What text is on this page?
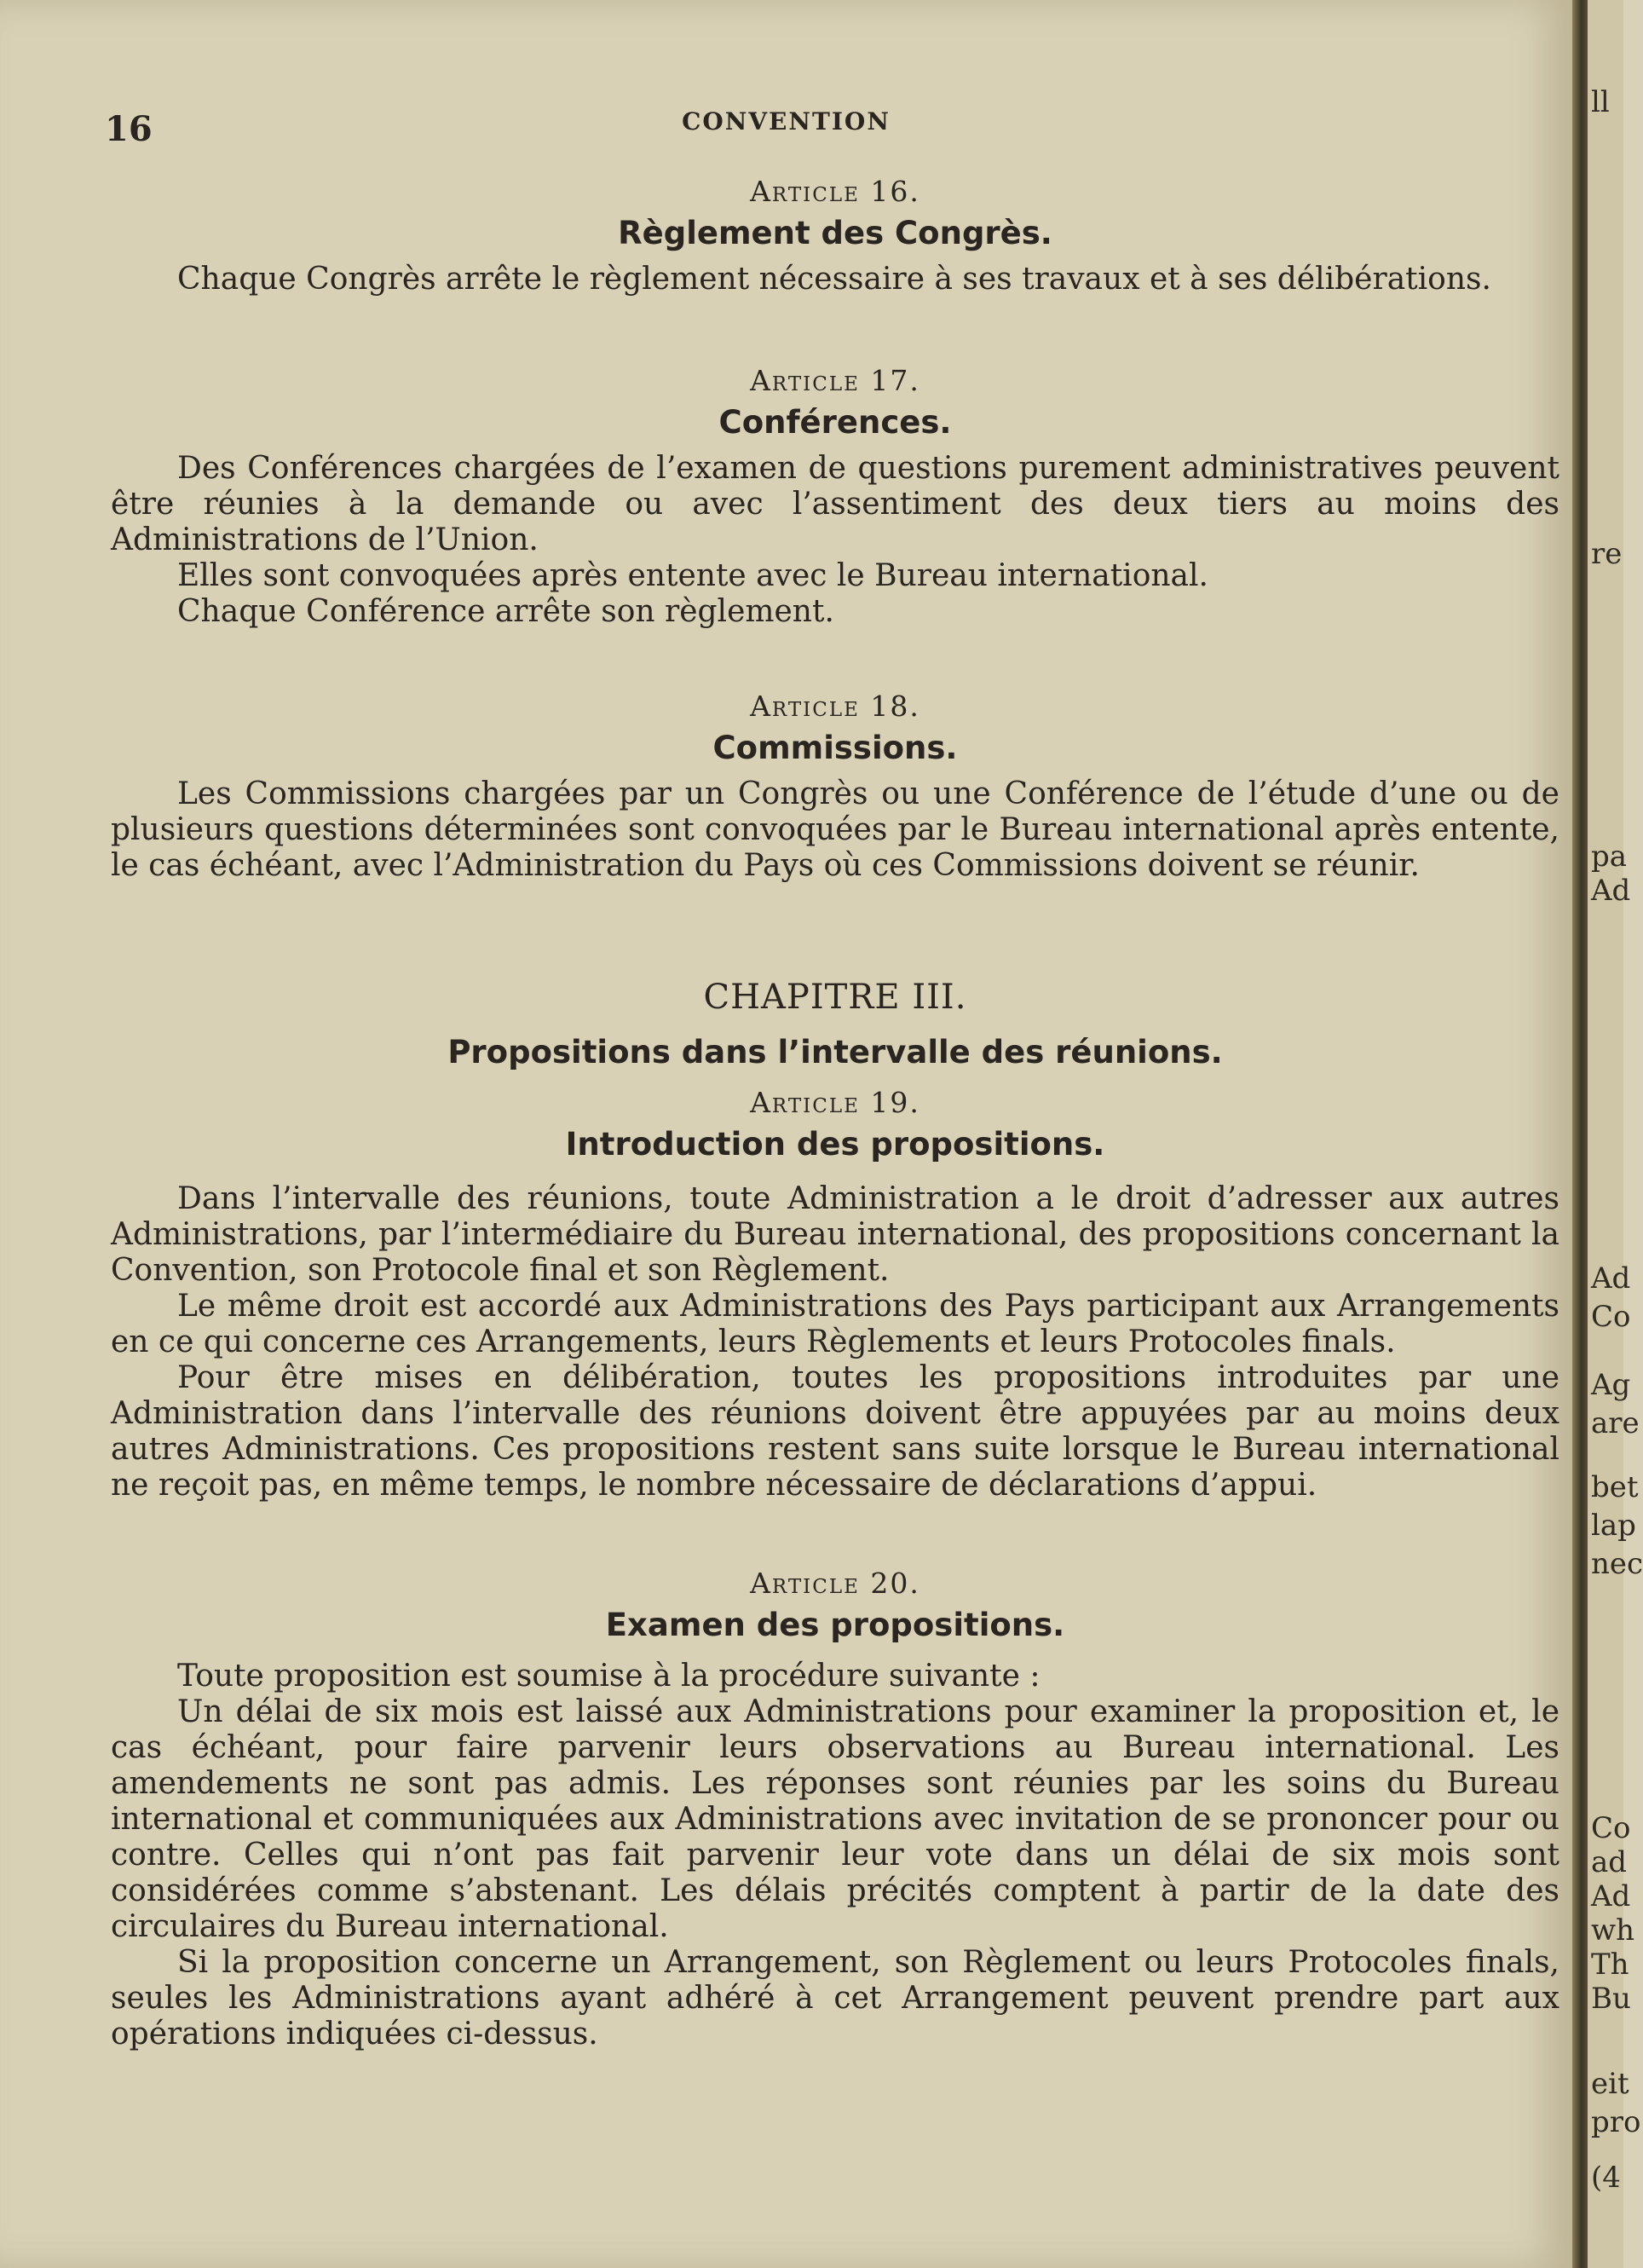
16	CONVENTION
Article 16.
Règlement des Congrès.

Chaque Congrès arrête le règlement nécessaire à ses travaux et à ses délibérations.

Article 17.
Conférences.

Des Conférences chargées de l’examen de questions purement administratives peuvent être réunies à la demande ou avec l’assentiment des deux tiers au moins des Administrations de l’Union.

Elles sont convoquées après entente avec le Bureau international.

Chaque Conférence arrête son règlement.

Article 18.
Commissions.

Les Commissions chargées par un Congrès ou une Conférence de l’étude d’une ou de plusieurs questions déterminées sont convoquées par le Bureau international après entente, le cas échéant, avec l’Administration du Pays où ces Commissions doivent se réunir.

CHAPITRE III.
Propositions dans l’intervalle des réunions.
Article 19.
Introduction des propositions.

Dans l’intervalle des réunions, toute Administration a le droit d’adresser aux autres Administrations, par l’intermédiaire du Bureau international, des propositions concernant la Convention, son Protocole final et son Règlement.

Le même droit est accordé aux Administrations des Pays participant aux Arrangements en ce qui concerne ces Arrangements, leurs Règlements et leurs Protocoles finals.

Pour être mises en délibération, toutes les propositions introduites par une Administration dans l’intervalle des réunions doivent être appuyées par au moins deux autres Administrations. Ces propositions restent sans suite lorsque le Bureau international ne reçoit pas, en même temps, le nombre nécessaire de déclarations d’appui.

Article 20.
Examen des propositions.

Toute proposition est soumise à la procédure suivante :

Un délai de six mois est laissé aux Administrations pour examiner la proposition et, le cas échéant, pour faire parvenir leurs observations au Bureau international. Les amendements ne sont pas admis. Les réponses sont réunies par les soins du Bureau international et communiquées aux Administrations avec invitation de se prononcer pour ou contre. Celles qui n’ont pas fait parvenir leur vote dans un délai de six mois sont considérées comme s’abstenant. Les délais précités comptent à partir de la date des circulaires du Bureau international.

Si la proposition concerne un Arrangement, son Règlement ou leurs Protocoles finals, seules les Administrations ayant adhéré à cet Arrangement peuvent prendre part aux opérations indiquées ci-dessus.

ll
re
pa
Ad
Ad
Co
Ag
are
bet
lap
nec
Co
ad
Ad
wh
Th
Bu
eit
pro
(4
